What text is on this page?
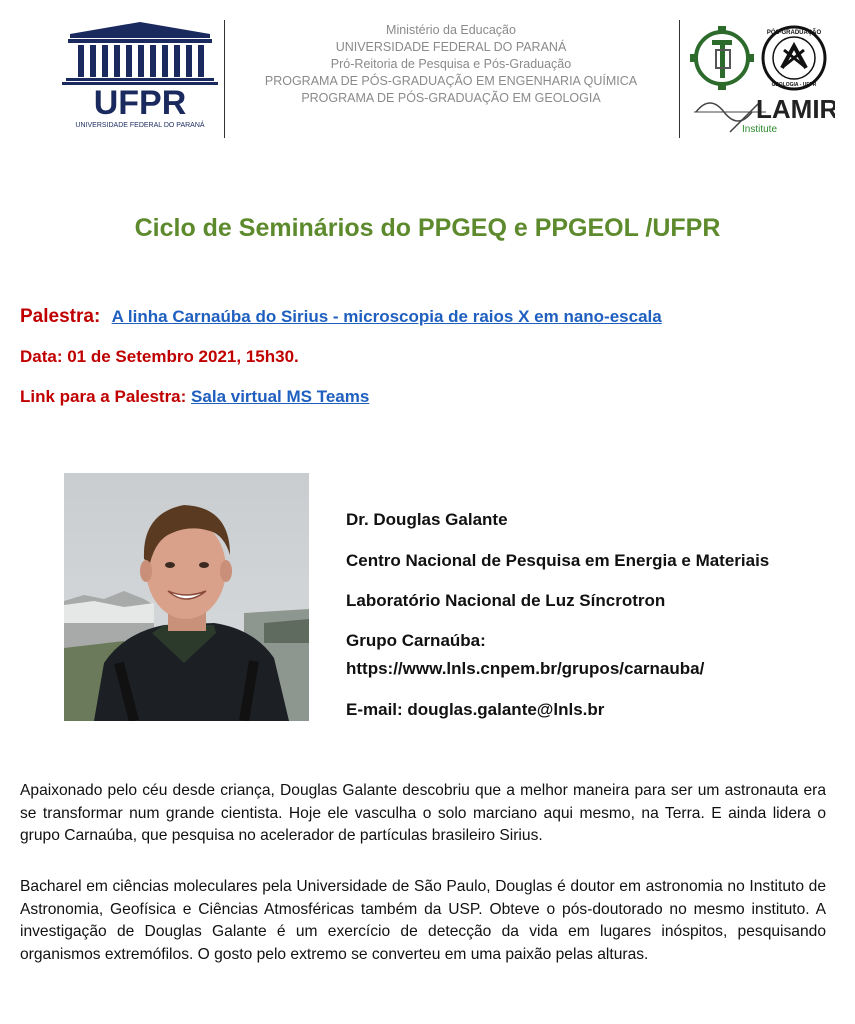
UFPR
UNIVERSIDADE FEDERAL DO PARANÁ
Ministério da Educação
UNIVERSIDADE FEDERAL DO PARANÁ
Pró-Reitoria de Pesquisa e Pós-Graduação
PROGRAMA DE PÓS-GRADUAÇÃO EM ENGENHARIA QUÍMICA
PROGRAMA DE PÓS-GRADUAÇÃO EM GEOLOGIA
PÓS-GRADUAÇÃO
GEOLOGIA - UFPR
LAMIR
Institute
Ciclo de Seminários do PPGEQ e PPGEOL /UFPR
Palestra: A linha Carnaúba do Sirius - microscopia de raios X em nano-escala
Data: 01 de Setembro 2021, 15h30.
Link para a Palestra: Sala virtual MS Teams
Dr. Douglas Galante
Centro Nacional de Pesquisa em Energia e Materiais
Laboratório Nacional de Luz Síncrotron
Grupo Carnaúba:
https://www.lnls.cnpem.br/grupos/carnauba/
E-mail: douglas.galante@lnls.br
Apaixonado pelo céu desde criança, Douglas Galante descobriu que a melhor maneira para ser um astronauta era se transformar num grande cientista. Hoje ele vasculha o solo marciano aqui mesmo, na Terra. E ainda lidera o grupo Carnaúba, que pesquisa no acelerador de partículas brasileiro Sirius.
Bacharel em ciências moleculares pela Universidade de São Paulo, Douglas é doutor em astronomia no Instituto de Astronomia, Geofísica e Ciências Atmosféricas também da USP. Obteve o pós-doutorado no mesmo instituto. A investigação de Douglas Galante é um exercício de detecção da vida em lugares inóspitos, pesquisando organismos extremófilos. O gosto pelo extremo se converteu em uma paixão pelas alturas.
